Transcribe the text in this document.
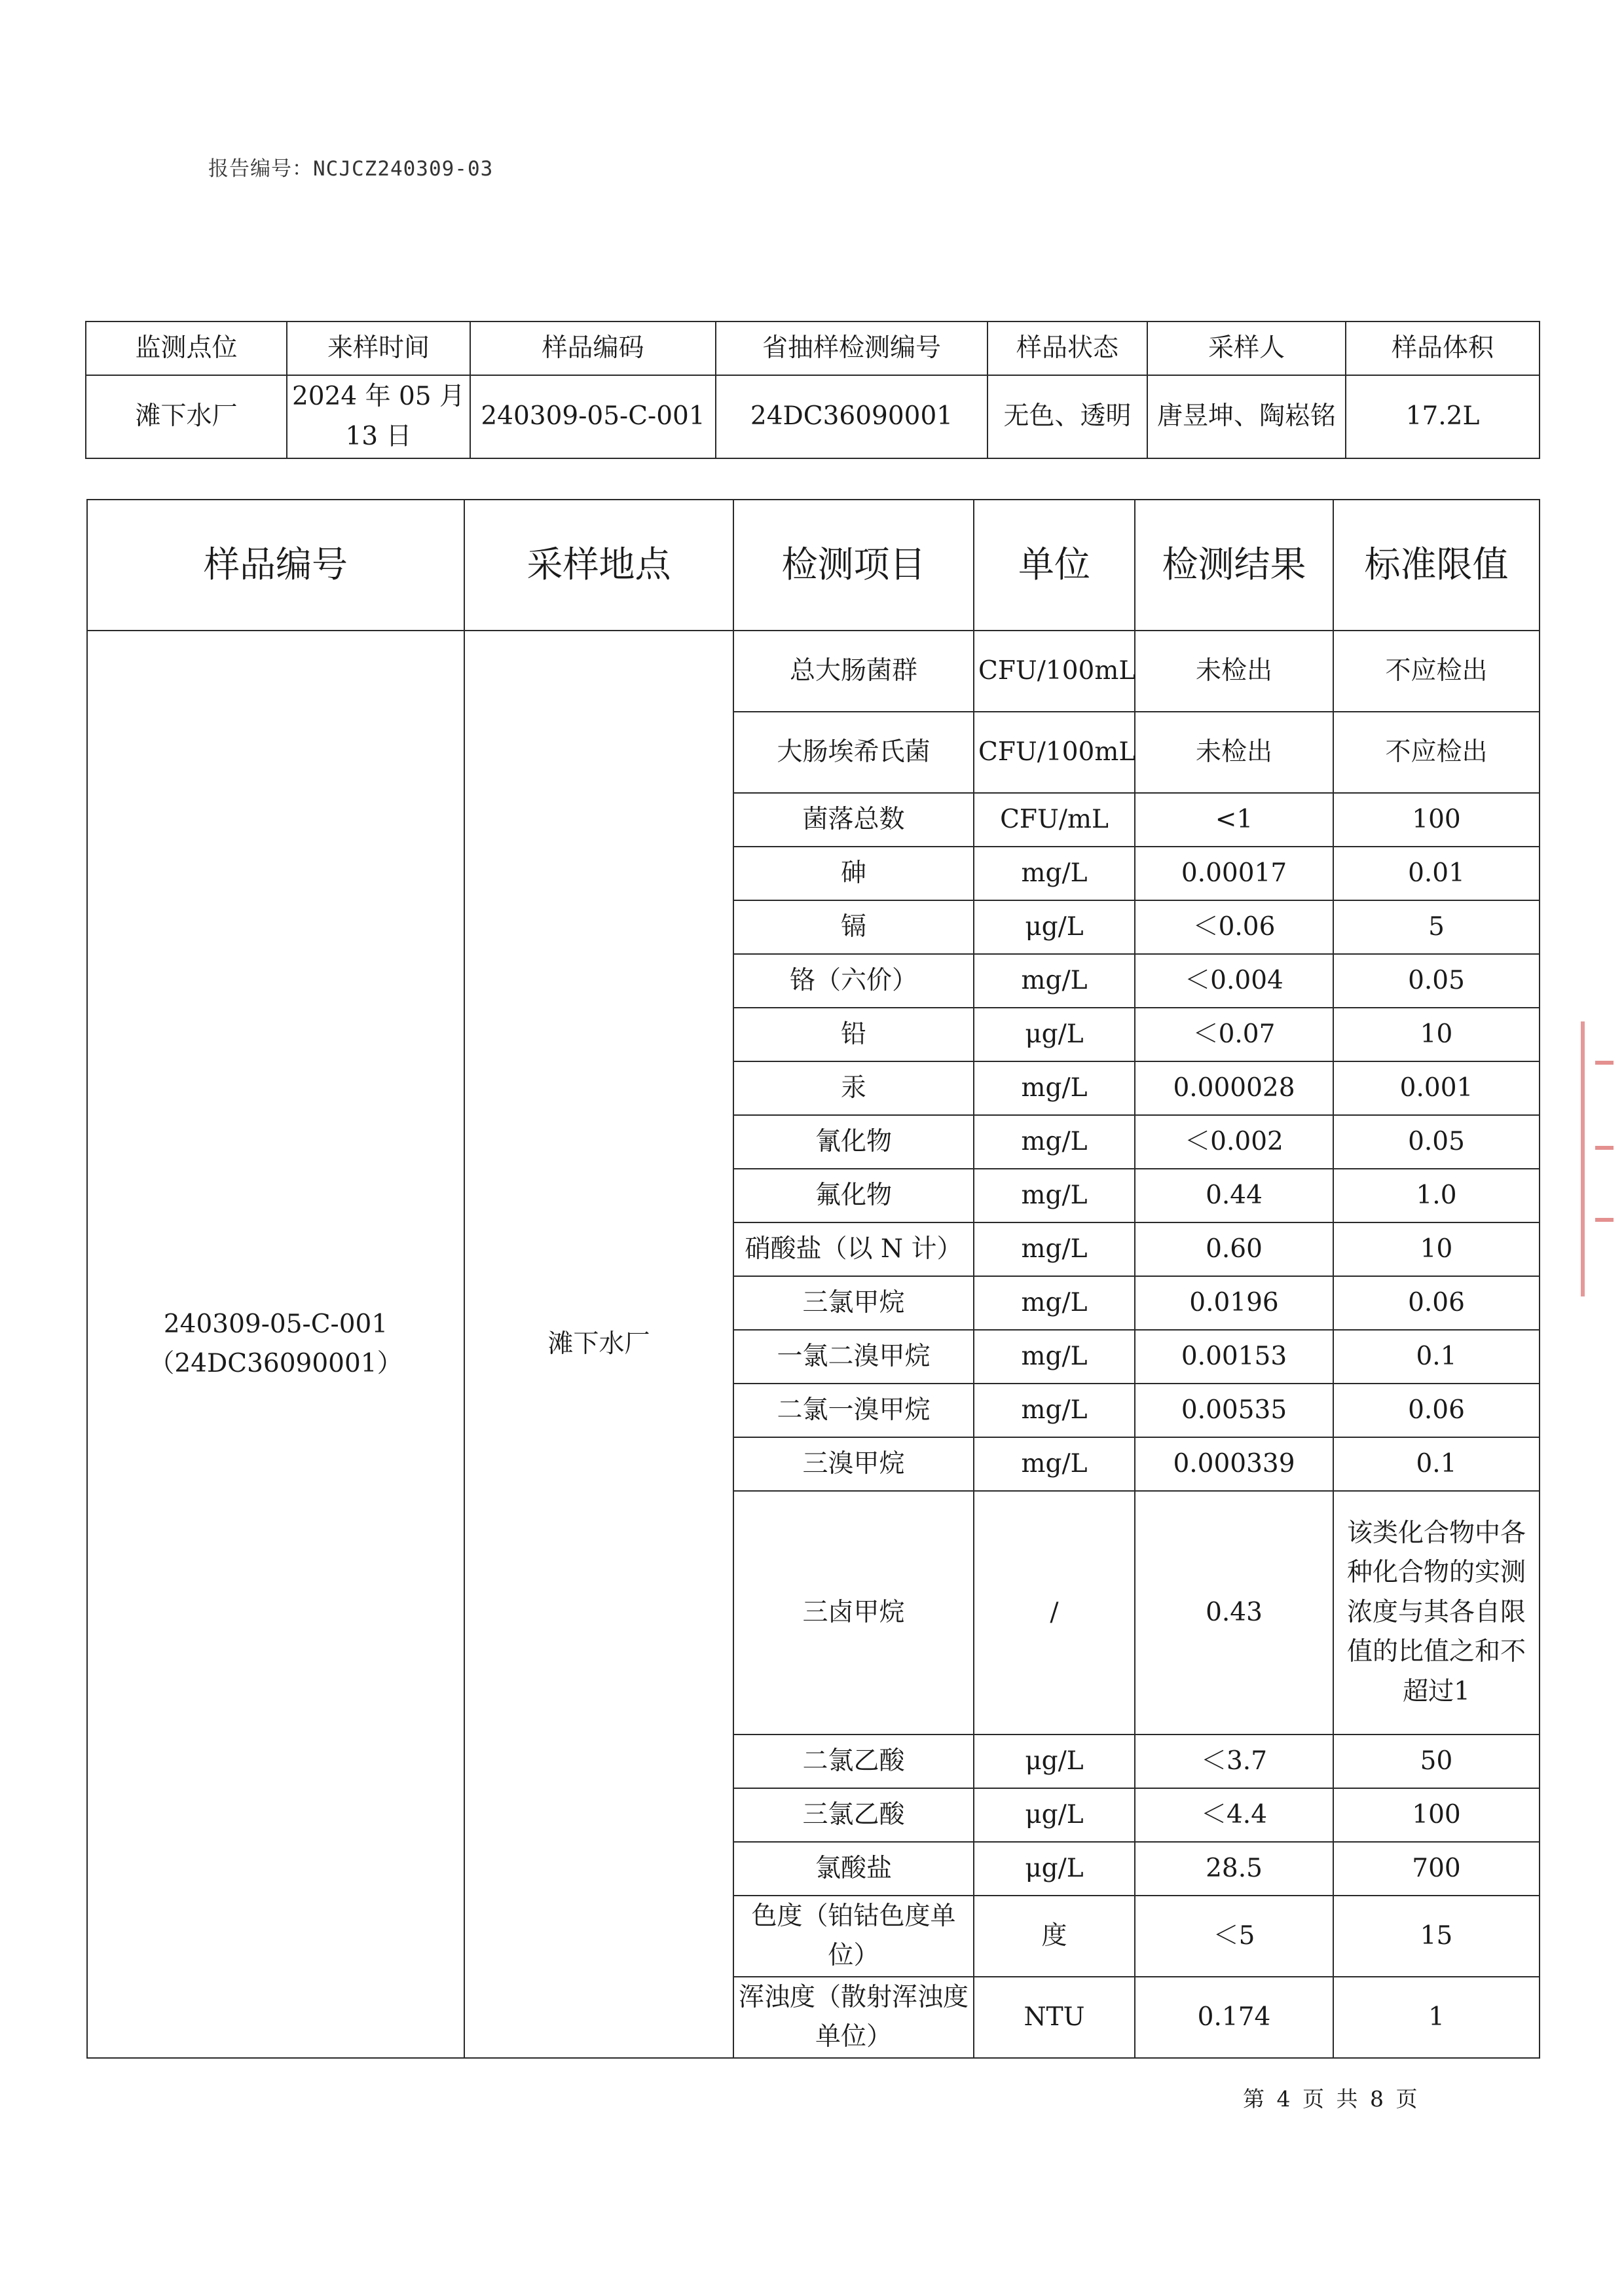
报告编号：NCJCZ240309-03
监测点位	来样时间	样品编码	省抽样检测编号	样品状态	采样人	样品体积
滩下水厂	2024 年 05 月 13 日	240309-05-C-001	24DC36090001	无色、透明	唐昱坤、陶崧铭	17.2L
样品编号	采样地点	检测项目	单位	检测结果	标准限值

240309-05-C-001
（24DC36090001）	滩下水厂	总大肠菌群	CFU/100mL	未检出	不应检出
		大肠埃希氏菌	CFU/100mL	未检出	不应检出
		菌落总数	CFU/mL	<1	100
		砷	mg/L	0.00017	0.01
		镉	μg/L	＜0.06	5
		铬（六价）	mg/L	＜0.004	0.05
		铅	μg/L	＜0.07	10
		汞	mg/L	0.000028	0.001
		氰化物	mg/L	＜0.002	0.05
		氟化物	mg/L	0.44	1.0
		硝酸盐（以 N 计）	mg/L	0.60	10
		三氯甲烷	mg/L	0.0196	0.06
		一氯二溴甲烷	mg/L	0.00153	0.1
		二氯一溴甲烷	mg/L	0.00535	0.06
		三溴甲烷	mg/L	0.000339	0.1
		三卤甲烷	/	0.43	该类化合物中各种化合物的实测浓度与其各自限值的比值之和不超过1
		二氯乙酸	μg/L	＜3.7	50
		三氯乙酸	μg/L	＜4.4	100
		氯酸盐	μg/L	28.5	700
		色度（铂钴色度单位）	度	＜5	15
		浑浊度（散射浑浊度单位）	NTU	0.174	1
第 4 页 共 8 页
